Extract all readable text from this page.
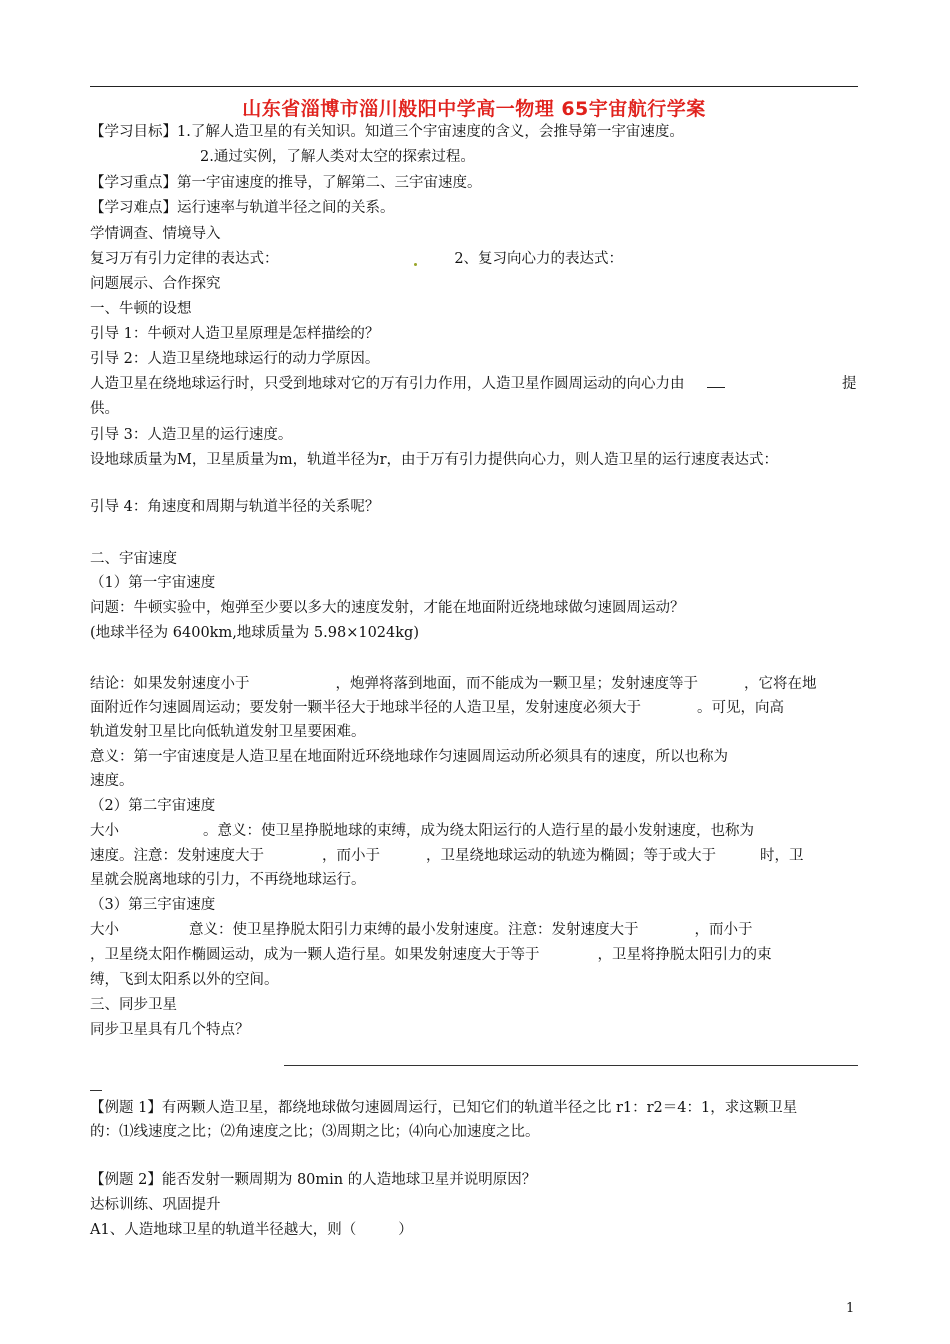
山东省淄博市淄川般阳中学高一物理 65宇宙航行学案
【学习目标】1.了解人造卫星的有关知识。知道三个宇宙速度的含义，会推导第一宇宙速度。
2.通过实例，了解人类对太空的探索过程。
【学习重点】第一宇宙速度的推导，了解第二、三宇宙速度。
【学习难点】运行速率与轨道半径之间的关系。
学情调查、情境导入
复习万有引力定律的表达式：	2、复习向心力的表达式：
问题展示、合作探究
一、牛顿的设想
引导 1：牛顿对人造卫星原理是怎样描绘的？
引导 2：人造卫星绕地球运行的动力学原因。
人造卫星在绕地球运行时，只受到地球对它的万有引力作用，人造卫星作圆周运动的向心力由	提
供。
引导 3：人造卫星的运行速度。
设地球质量为M，卫星质量为m，轨道半径为r，由于万有引力提供向心力，则人造卫星的运行速度表达式：
引导 4：角速度和周期与轨道半径的关系呢？
二、宇宙速度
（1）第一宇宙速度
问题：牛顿实验中，炮弹至少要以多大的速度发射，才能在地面附近绕地球做匀速圆周运动？
(地球半径为 6400km,地球质量为 5.98×1024kg)
结论：如果发射速度小于	，炮弹将落到地面，而不能成为一颗卫星；发射速度等于	，它将在地
面附近作匀速圆周运动；要发射一颗半径大于地球半径的人造卫星，发射速度必须大于	。可见，向高
轨道发射卫星比向低轨道发射卫星要困难。
意义：第一宇宙速度是人造卫星在地面附近环绕地球作匀速圆周运动所必须具有的速度，所以也称为
速度。
（2）第二宇宙速度
大小	。意义：使卫星挣脱地球的束缚，成为绕太阳运行的人造行星的最小发射速度，也称为
速度。注意：发射速度大于	，而小于	，卫星绕地球运动的轨迹为椭圆；等于或大于	时，卫
星就会脱离地球的引力，不再绕地球运行。
（3）第三宇宙速度
大小	意义：使卫星挣脱太阳引力束缚的最小发射速度。注意：发射速度大于	，而小于
，卫星绕太阳作椭圆运动，成为一颗人造行星。如果发射速度大于等于	，卫星将挣脱太阳引力的束
缚，飞到太阳系以外的空间。
三、同步卫星
同步卫星具有几个特点？
【例题 1】有两颗人造卫星，都绕地球做匀速圆周运行，已知它们的轨道半径之比 r1：r2＝4：1，求这颗卫星
的：⑴线速度之比；⑵角速度之比；⑶周期之比；⑷向心加速度之比。
【例题 2】能否发射一颗周期为 80min 的人造地球卫星并说明原因？
达标训练、巩固提升
A1、人造地球卫星的轨道半径越大，则（	）
1
